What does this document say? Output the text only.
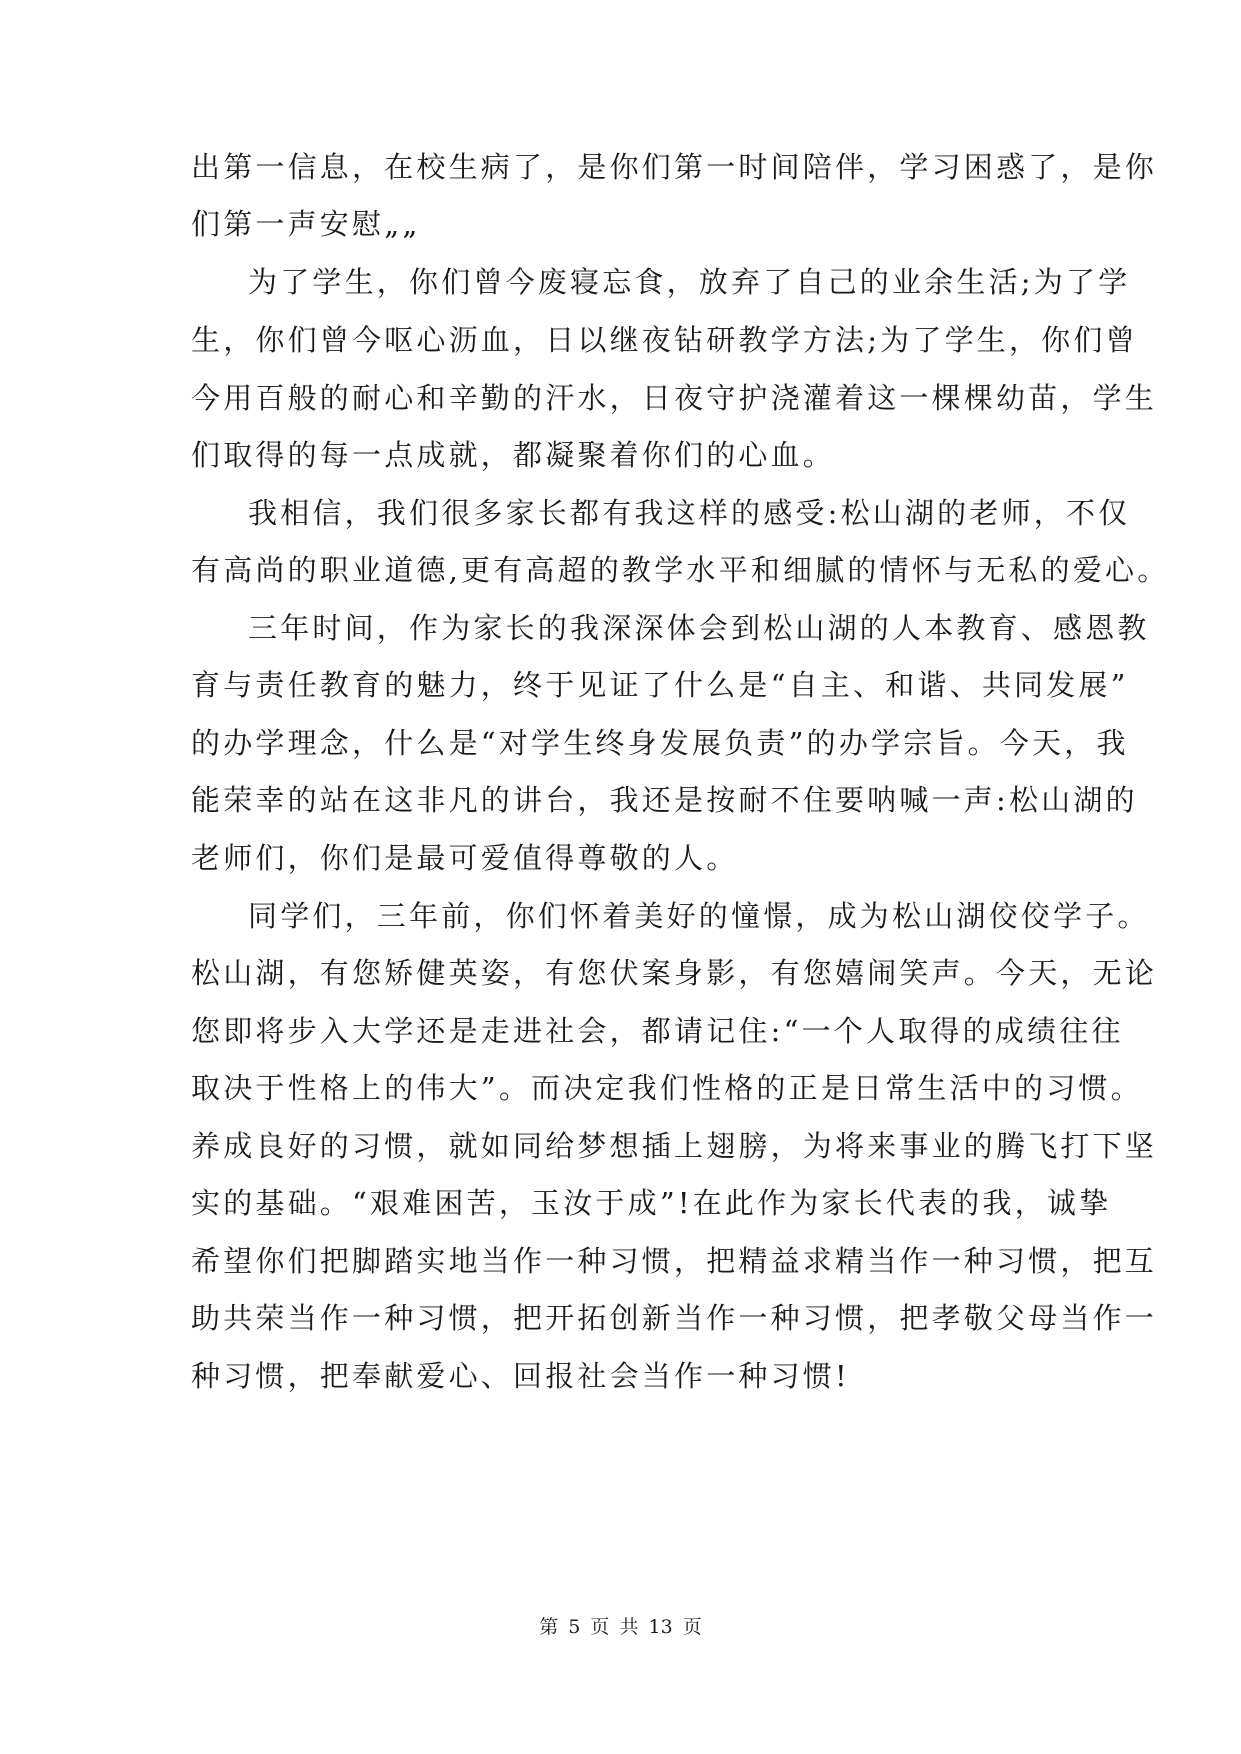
出第一信息，在校生病了，是你们第一时间陪伴，学习困惑了，是你
们第一声安慰„„
为了学生，你们曾今废寝忘食，放弃了自己的业余生活;为了学
生，你们曾今呕心沥血，日以继夜钻研教学方法;为了学生，你们曾
今用百般的耐心和辛勤的汗水，日夜守护浇灌着这一棵棵幼苗，学生
们取得的每一点成就，都凝聚着你们的心血。
我相信，我们很多家长都有我这样的感受:松山湖的老师，不仅
有高尚的职业道德,更有高超的教学水平和细腻的情怀与无私的爱心。
三年时间，作为家长的我深深体会到松山湖的人本教育、感恩教
育与责任教育的魅力，终于见证了什么是“自主、和谐、共同发展”
的办学理念，什么是“对学生终身发展负责”的办学宗旨。今天，我
能荣幸的站在这非凡的讲台，我还是按耐不住要呐喊一声:松山湖的
老师们，你们是最可爱值得尊敬的人。
同学们，三年前，你们怀着美好的憧憬，成为松山湖佼佼学子。
松山湖，有您矫健英姿，有您伏案身影，有您嬉闹笑声。今天，无论
您即将步入大学还是走进社会，都请记住:“一个人取得的成绩往往
取决于性格上的伟大”。而决定我们性格的正是日常生活中的习惯。
养成良好的习惯，就如同给梦想插上翅膀，为将来事业的腾飞打下坚
实的基础。“艰难困苦，玉汝于成”!在此作为家长代表的我，诚挚
希望你们把脚踏实地当作一种习惯，把精益求精当作一种习惯，把互
助共荣当作一种习惯，把开拓创新当作一种习惯，把孝敬父母当作一
种习惯，把奉献爱心、回报社会当作一种习惯!
第 5 页 共 13 页
